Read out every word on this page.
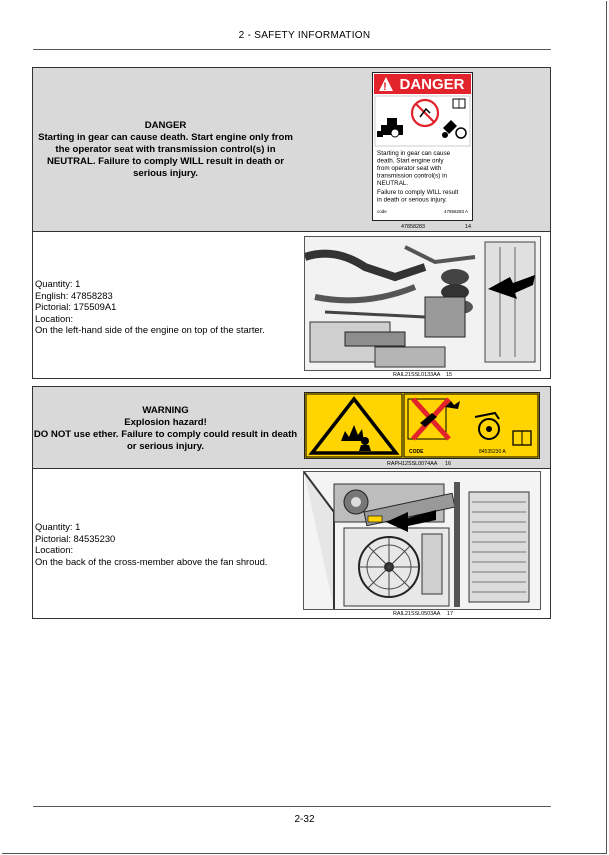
2 - SAFETY INFORMATION
DANGER
Starting in gear can cause death. Start engine only from the operator seat with transmission control(s) in NEUTRAL. Failure to comply WILL result in death or serious injury.
! DANGER
Starting in gear can cause
death. Start engine only
from operator seat with
transmission control(s) in
NEUTRAL.
Failure to comply WILL result
in death or serious injury.
code	47858283 A
47858283	14
Quantity: 1
English: 47858283
Pictorial: 175509A1
Location:
On the left-hand side of the engine on top of the starter.
RAIL21SSL0133AA 15
WARNING
Explosion hazard!
DO NOT use ether. Failure to comply could result in death or serious injury.	CODE	84535230 A
RAPH12SSL0074AA 16
Quantity: 1
Pictorial: 84535230
Location:
On the back of the cross-member above the fan shroud.
RAIL21SSL0503AA 17
2-32
